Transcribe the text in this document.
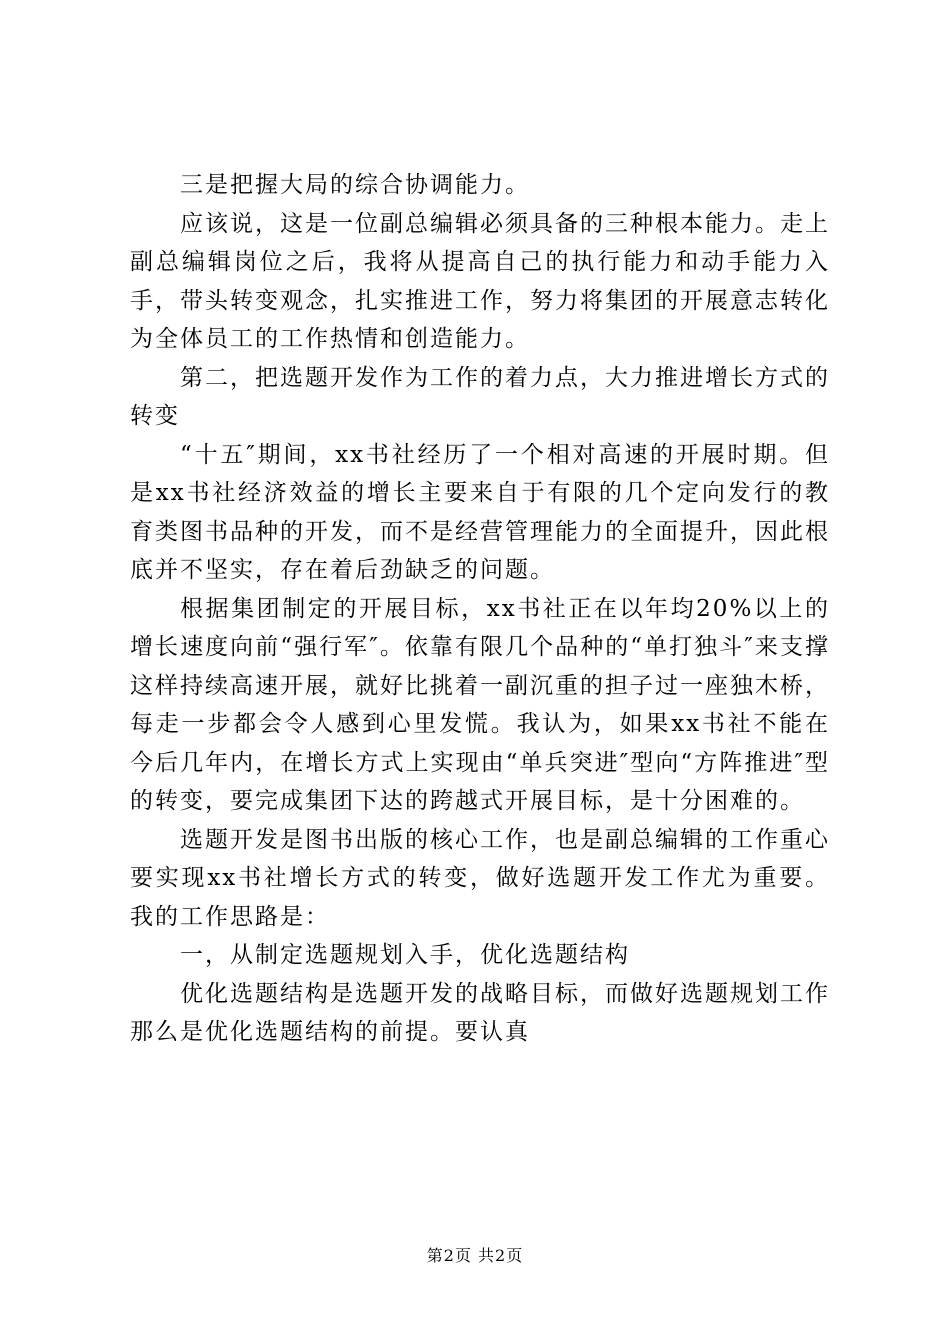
三是把握大局的综合协调能力。

应该说，这是一位副总编辑必须具备的三种根本能力。走上副总编辑岗位之后，我将从提高自己的执行能力和动手能力入手，带头转变观念，扎实推进工作，努力将集团的开展意志转化为全体员工的工作热情和创造能力。

第二，把选题开发作为工作的着力点，大力推进增长方式的转变

“十五″期间，xx书社经历了一个相对高速的开展时期。但是xx书社经济效益的增长主要来自于有限的几个定向发行的教育类图书品种的开发，而不是经营管理能力的全面提升，因此根底并不坚实，存在着后劲缺乏的问题。

根据集团制定的开展目标，xx书社正在以年均20%以上的增长速度向前“强行军″。依靠有限几个品种的“单打独斗″来支撑这样持续高速开展，就好比挑着一副沉重的担子过一座独木桥，每走一步都会令人感到心里发慌。我认为，如果xx书社不能在今后几年内，在增长方式上实现由“单兵突进″型向“方阵推进″型的转变，要完成集团下达的跨越式开展目标，是十分困难的。

选题开发是图书出版的核心工作，也是副总编辑的工作重心要实现xx书社增长方式的转变，做好选题开发工作尤为重要。我的工作思路是：

一，从制定选题规划入手，优化选题结构

优化选题结构是选题开发的战略目标，而做好选题规划工作那么是优化选题结构的前提。要认真

第2页 共2页
